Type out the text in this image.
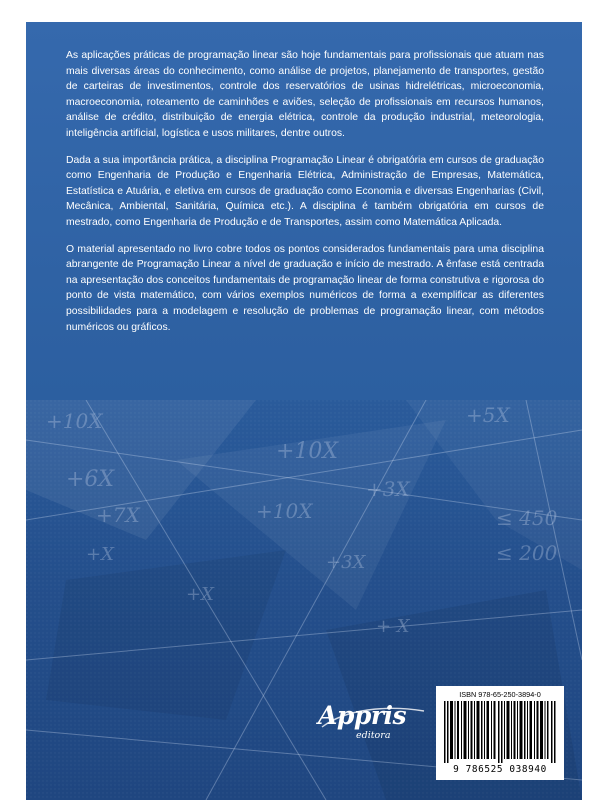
As aplicações práticas de programação linear são hoje fundamentais para profissionais que atuam nas mais diversas áreas do conhecimento, como análise de projetos, planejamento de transportes, gestão de carteiras de investimentos, controle dos reservatórios de usinas hidrelétricas, microeconomia, macroeconomia, roteamento de caminhões e aviões, seleção de profissionais em recursos humanos, análise de crédito, distribuição de energia elétrica, controle da produção industrial, meteorologia, inteligência artificial, logística e usos militares, dentre outros.

Dada a sua importância prática, a disciplina Programação Linear é obrigatória em cursos de graduação como Engenharia de Produção e Engenharia Elétrica, Administração de Empresas, Matemática, Estatística e Atuária, e eletiva em cursos de graduação como Economia e diversas Engenharias (Civil, Mecânica, Ambiental, Sanitária, Química etc.). A disciplina é também obrigatória em cursos de mestrado, como Engenharia de Produção e de Transportes, assim como Matemática Aplicada.

O material apresentado no livro cobre todos os pontos considerados fundamentais para uma disciplina abrangente de Programação Linear a nível de graduação e início de mestrado. A ênfase está centrada na apresentação dos conceitos fundamentais de programação linear de forma construtiva e rigorosa do ponto de vista matemático, com vários exemplos numéricos de forma a exemplificar as diferentes possibilidades para a modelagem e resolução de problemas de programação linear, com métodos numéricos ou gráficos.

+10X	+5X
+10X
+3X
+6X
+7X	+10X
+3X
+X
+X
≤ 450
≤ 200
+ X
Appris
editora
ISBN 978-65-250-3894-0
9 786525 038940
